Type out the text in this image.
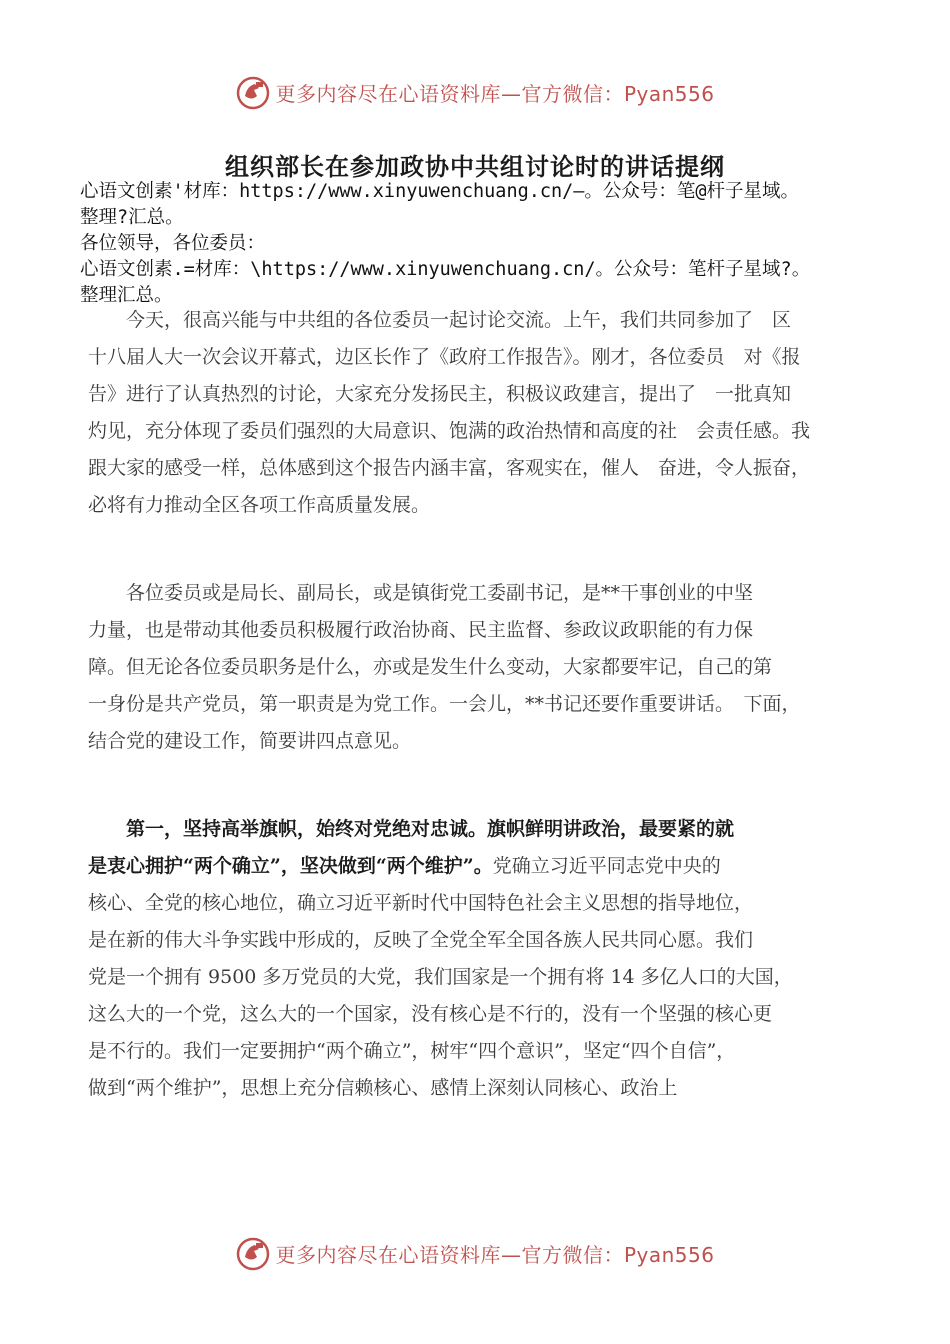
更多内容尽在心语资料库—官方微信：Pyan556
组织部长在参加政协中共组讨论时的讲话提纲
心语文创素'材库：https://www.xinyuwenchuang.cn/—。公众号：笔@杆子星域。
整理?汇总。
各位领导，各位委员：
心语文创素.=材库：\https://www.xinyuwenchuang.cn/。公众号：笔杆子星域?。
整理汇总。
　　今天，很高兴能与中共组的各位委员一起讨论交流。上午，我们共同参加了　区
十八届人大一次会议开幕式，边区长作了《政府工作报告》。刚才，各位委员　对《报
告》进行了认真热烈的讨论，大家充分发扬民主，积极议政建言，提出了　一批真知
灼见，充分体现了委员们强烈的大局意识、饱满的政治热情和高度的社　会责任感。我
跟大家的感受一样，总体感到这个报告内涵丰富，客观实在，催人　奋进，令人振奋，
必将有力推动全区各项工作高质量发展。
　　各位委员或是局长、副局长，或是镇街党工委副书记，是**干事创业的中坚
力量，也是带动其他委员积极履行政治协商、民主监督、参政议政职能的有力保
障。但无论各位委员职务是什么，亦或是发生什么变动，大家都要牢记，自己的第
一身份是共产党员，第一职责是为党工作。一会儿，**书记还要作重要讲话。　下面，
结合党的建设工作，简要讲四点意见。
　　第一，坚持高举旗帜，始终对党绝对忠诚。旗帜鲜明讲政治，最要紧的就
是衷心拥护“两个确立”，坚决做到“两个维护”。党确立习近平同志党中央的
核心、全党的核心地位，确立习近平新时代中国特色社会主义思想的指导地位，
是在新的伟大斗争实践中形成的，反映了全党全军全国各族人民共同心愿。我们
党是一个拥有 9500 多万党员的大党，我们国家是一个拥有将 14 多亿人口的大国，
这么大的一个党，这么大的一个国家，没有核心是不行的，没有一个坚强的核心更
是不行的。我们一定要拥护“两个确立”，树牢“四个意识”，坚定“四个自信”，
做到“两个维护”，思想上充分信赖核心、感情上深刻认同核心、政治上
更多内容尽在心语资料库—官方微信：Pyan556
